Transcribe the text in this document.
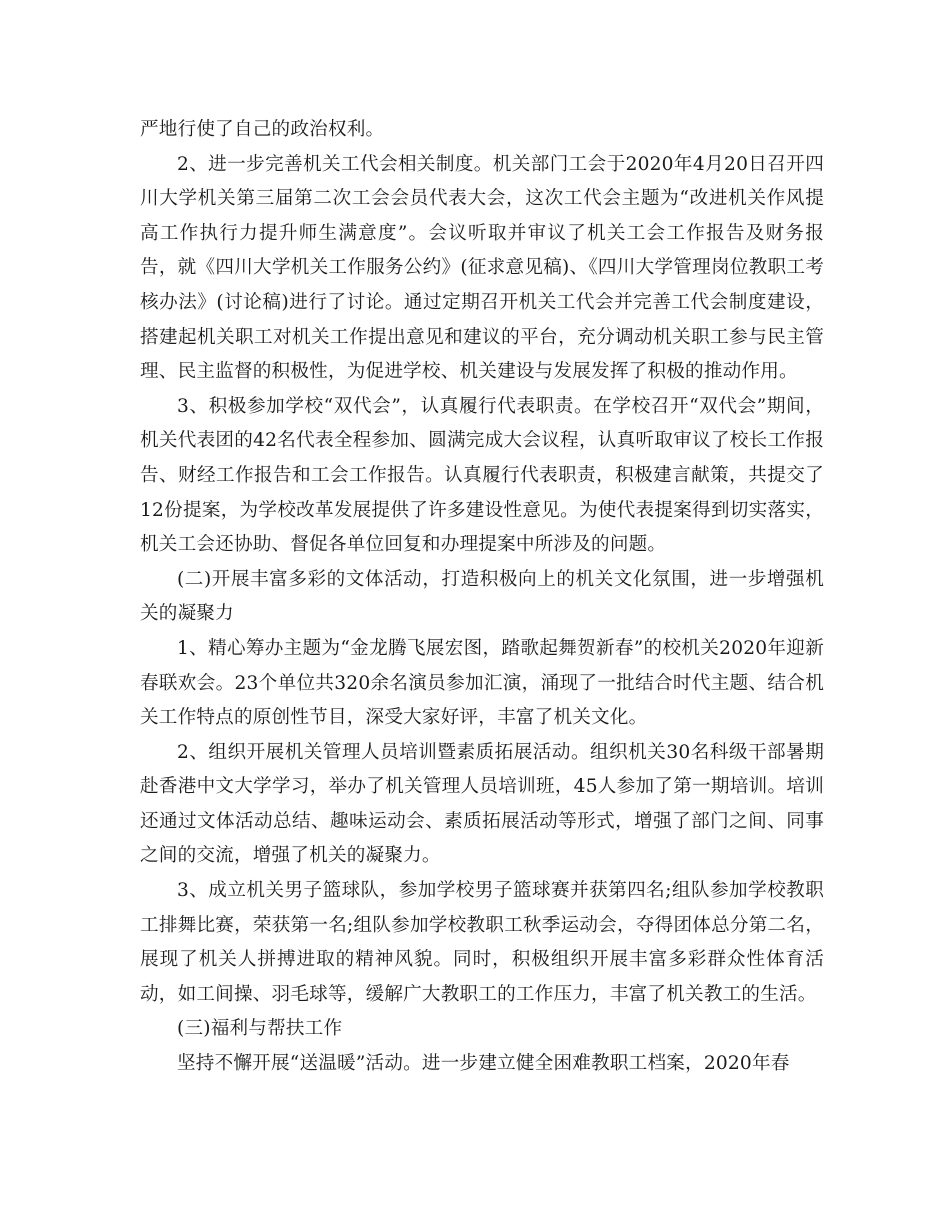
严地行使了自己的政治权利。

2、进一步完善机关工代会相关制度。机关部门工会于2020年4月20日召开四川大学机关第三届第二次工会会员代表大会，这次工代会主题为“改进机关作风提高工作执行力提升师生满意度”。会议听取并审议了机关工会工作报告及财务报告，就《四川大学机关工作服务公约》(征求意见稿)、《四川大学管理岗位教职工考核办法》(讨论稿)进行了讨论。通过定期召开机关工代会并完善工代会制度建设，搭建起机关职工对机关工作提出意见和建议的平台，充分调动机关职工参与民主管理、民主监督的积极性，为促进学校、机关建设与发展发挥了积极的推动作用。

3、积极参加学校“双代会”，认真履行代表职责。在学校召开“双代会”期间，机关代表团的42名代表全程参加、圆满完成大会议程，认真听取审议了校长工作报告、财经工作报告和工会工作报告。认真履行代表职责，积极建言献策，共提交了12份提案，为学校改革发展提供了许多建设性意见。为使代表提案得到切实落实，机关工会还协助、督促各单位回复和办理提案中所涉及的问题。

(二)开展丰富多彩的文体活动，打造积极向上的机关文化氛围，进一步增强机关的凝聚力

1、精心筹办主题为“金龙腾飞展宏图，踏歌起舞贺新春”的校机关2020年迎新春联欢会。23个单位共320余名演员参加汇演，涌现了一批结合时代主题、结合机关工作特点的原创性节目，深受大家好评，丰富了机关文化。

2、组织开展机关管理人员培训暨素质拓展活动。组织机关30名科级干部暑期赴香港中文大学学习，举办了机关管理人员培训班，45人参加了第一期培训。培训还通过文体活动总结、趣味运动会、素质拓展活动等形式，增强了部门之间、同事之间的交流，增强了机关的凝聚力。

3、成立机关男子篮球队，参加学校男子篮球赛并获第四名;组队参加学校教职工排舞比赛，荣获第一名;组队参加学校教职工秋季运动会，夺得团体总分第二名，展现了机关人拼搏进取的精神风貌。同时，积极组织开展丰富多彩群众性体育活动，如工间操、羽毛球等，缓解广大教职工的工作压力，丰富了机关教工的生活。

(三)福利与帮扶工作

坚持不懈开展“送温暖”活动。进一步建立健全困难教职工档案，2020年春
